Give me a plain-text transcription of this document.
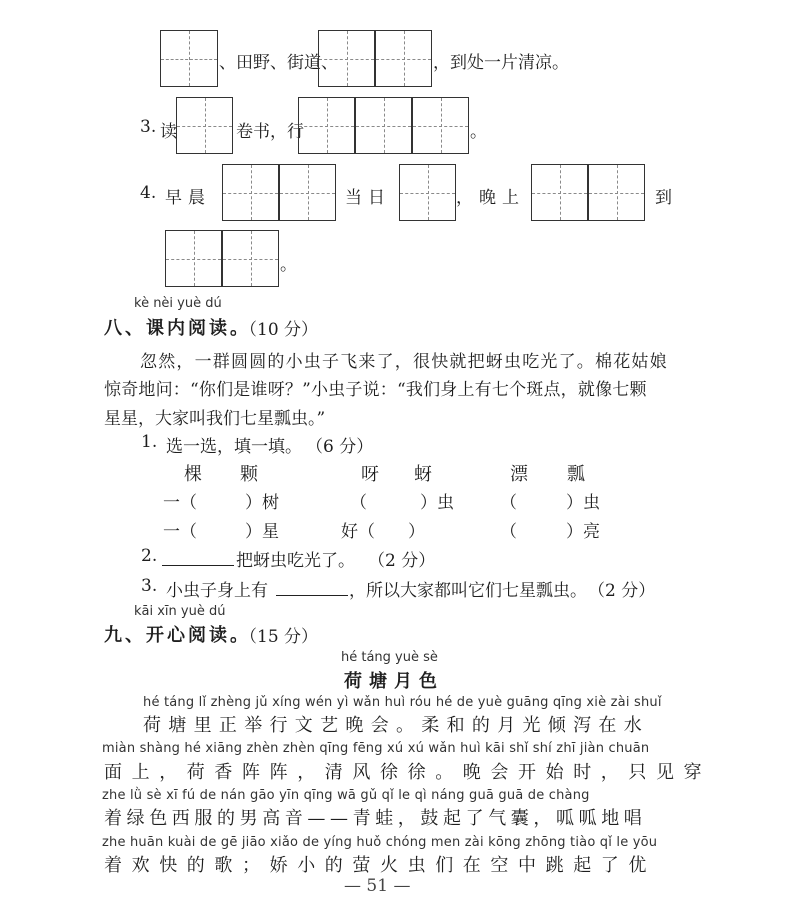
、田野、街道、	，到处一片清凉。
3. 读	卷书，行	。
4. 早晨	当日	，晚上	到
。
kè nèi yuè dú
八、课内阅读。
（10 分）
忽然，一群圆圆的小虫子飞来了，很快就把蚜虫吃光了。棉花姑娘
惊奇地问：“你们是谁呀？”小虫子说：“我们身上有七个斑点，就像七颗
星星，大家叫我们七星瓢虫。”
1. 选一选，填一填。 （6 分）
棵 颗	呀 蚜	漂 瓢
一（	）树	（	）虫	（	）虫
一（	）星	好（ ）	（	）亮
2.	把蚜虫吃光了。 （2 分）
3. 小虫子身上有	，所以大家都叫它们七星瓢虫。 （2 分）
kāi xīn yuè dú
九、开心阅读。
（15 分）
hé táng yuè sè
荷塘月色
hé táng lǐ zhèng jǔ xíng wén yì wǎn huì róu hé de yuè guāng qīng xiè zài shuǐ
荷塘里正举行文艺晚会。柔和的月光倾泻在水
miàn shàng hé xiāng zhèn zhèn qīng fēng xú xú wǎn huì kāi shǐ shí zhī jiàn chuān
面上，荷香阵阵，清风徐徐。晚会开始时，只见穿
zhe lǜ sè xī fú de nán gāo yīn qīng wā gǔ qǐ le qì náng guā guā de chàng
着绿色西服的男高音——青蛙，鼓起了气囊，呱呱地唱
zhe huān kuài de gē jiāo xiǎo de yíng huǒ chóng men zài kōng zhōng tiào qǐ le yōu
着欢快的歌；娇小的萤火虫们在空中跳起了优
— 51 —
